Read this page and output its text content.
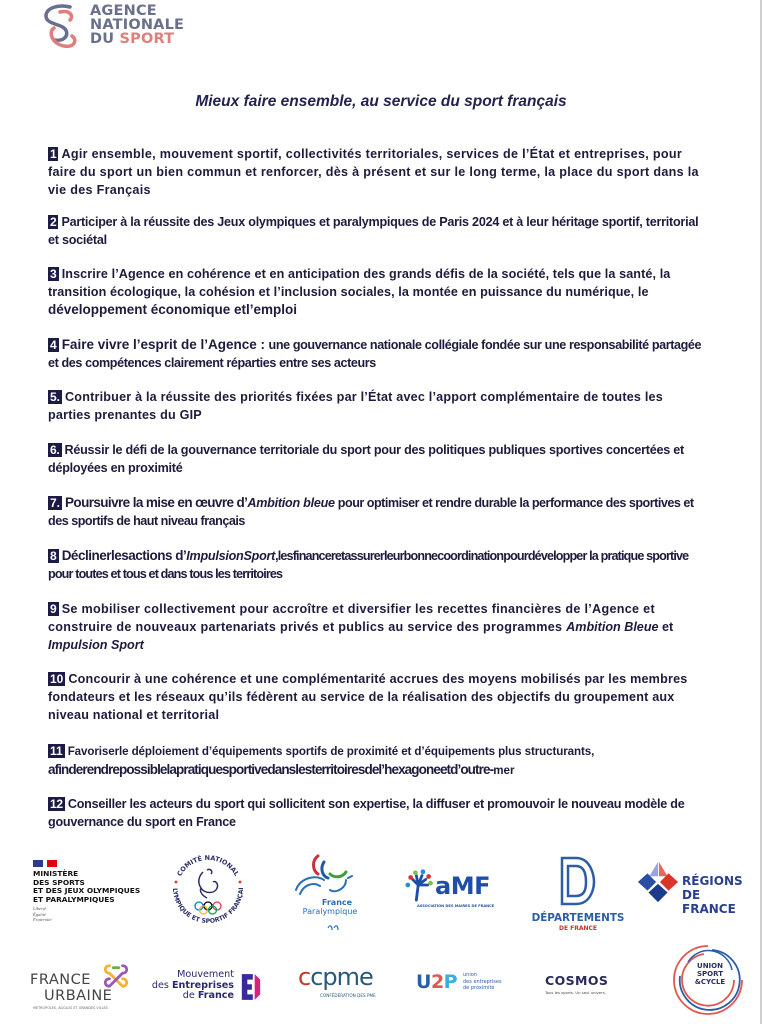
AGENCE
NATIONALE
DU SPORT
Mieux faire ensemble, au service du sport français

1 Agir ensemble, mouvement sportif, collectivités territoriales, services de l’État et entreprises, pour faire du sport un bien commun et renforcer, dès à présent et sur le long terme, la place du sport dans la vie des Français

2 Participer à la réussite des Jeux olympiques et paralympiques de Paris 2024 et à leur héritage sportif, territorial et sociétal

3 Inscrire l’Agence en cohérence et en anticipation des grands défis de la société, tels que la santé, la transition écologique, la cohésion et l’inclusion sociales, la montée en puissance du numérique, le développement économique etl’emploi

4 Faire vivre l’esprit de l’Agence : une gouvernance nationale collégiale fondée sur une responsabilité partagée et des compétences clairement réparties entre ses acteurs

5. Contribuer à la réussite des priorités fixées par l’État avec l’apport complémentaire de toutes les parties prenantes du GIP

6. Réussir le défi de la gouvernance territoriale du sport pour des politiques publiques sportives concertées et déployées en proximité

7. Poursuivre la mise en œuvre d’Ambition bleue pour optimiser et rendre durable la performance des sportives et des sportifs de haut niveau français

8 Déclinerlesactions d’ImpulsionSport,lesfinanceretassurerleurbonnecoordinationpourdévelopper la pratique sportive pour toutes et tous et dans tous les territoires

9 Se mobiliser collectivement pour accroître et diversifier les recettes financières de l’Agence et construire de nouveaux partenariats privés et publics au service des programmes Ambition Bleue et Impulsion Sport

10 Concourir à une cohérence et une complémentarité accrues des moyens mobilisés par les membres fondateurs et les réseaux qu’ils fédèrent au service de la réalisation des objectifs du groupement aux niveau national et territorial

11 Favoriserle déploiement d’équipements sportifs de proximité et d’équipements plus structurants, afinderendrepossiblelapratiquesportivedanslesterritoiresdel’hexagoneetd’outre-mer

12 Conseiller les acteurs du sport qui sollicitent son expertise, la diffuser et promouvoir le nouveau modèle de gouvernance du sport en France

MINISTÈRE
DES SPORTS
ET DES JEUX OLYMPIQUES
ET PARALYMPIQUES
Liberté
Égalité
Fraternité
COMITÉ NATIONAL
LYMPIQUE ET SPORTIF FRANÇAI
France
Paralympique
aMF
ASSOCIATION DES MAIRES DE FRANCE
DÉPARTEMENTS
DE FRANCE
RÉGIONS
DE FRANCE
FRANCE
URBAINE
MÉTROPOLES, AGGLOS ET GRANDES VILLES
Mouvement
des Entreprises
de France
ccpme
CONFÉDÉRATION DES PME
U2P union
des entreprises
de proximité	COSMOS
Tous les sports. Un seul univers.
UNION
SPORT
&CYCLE
